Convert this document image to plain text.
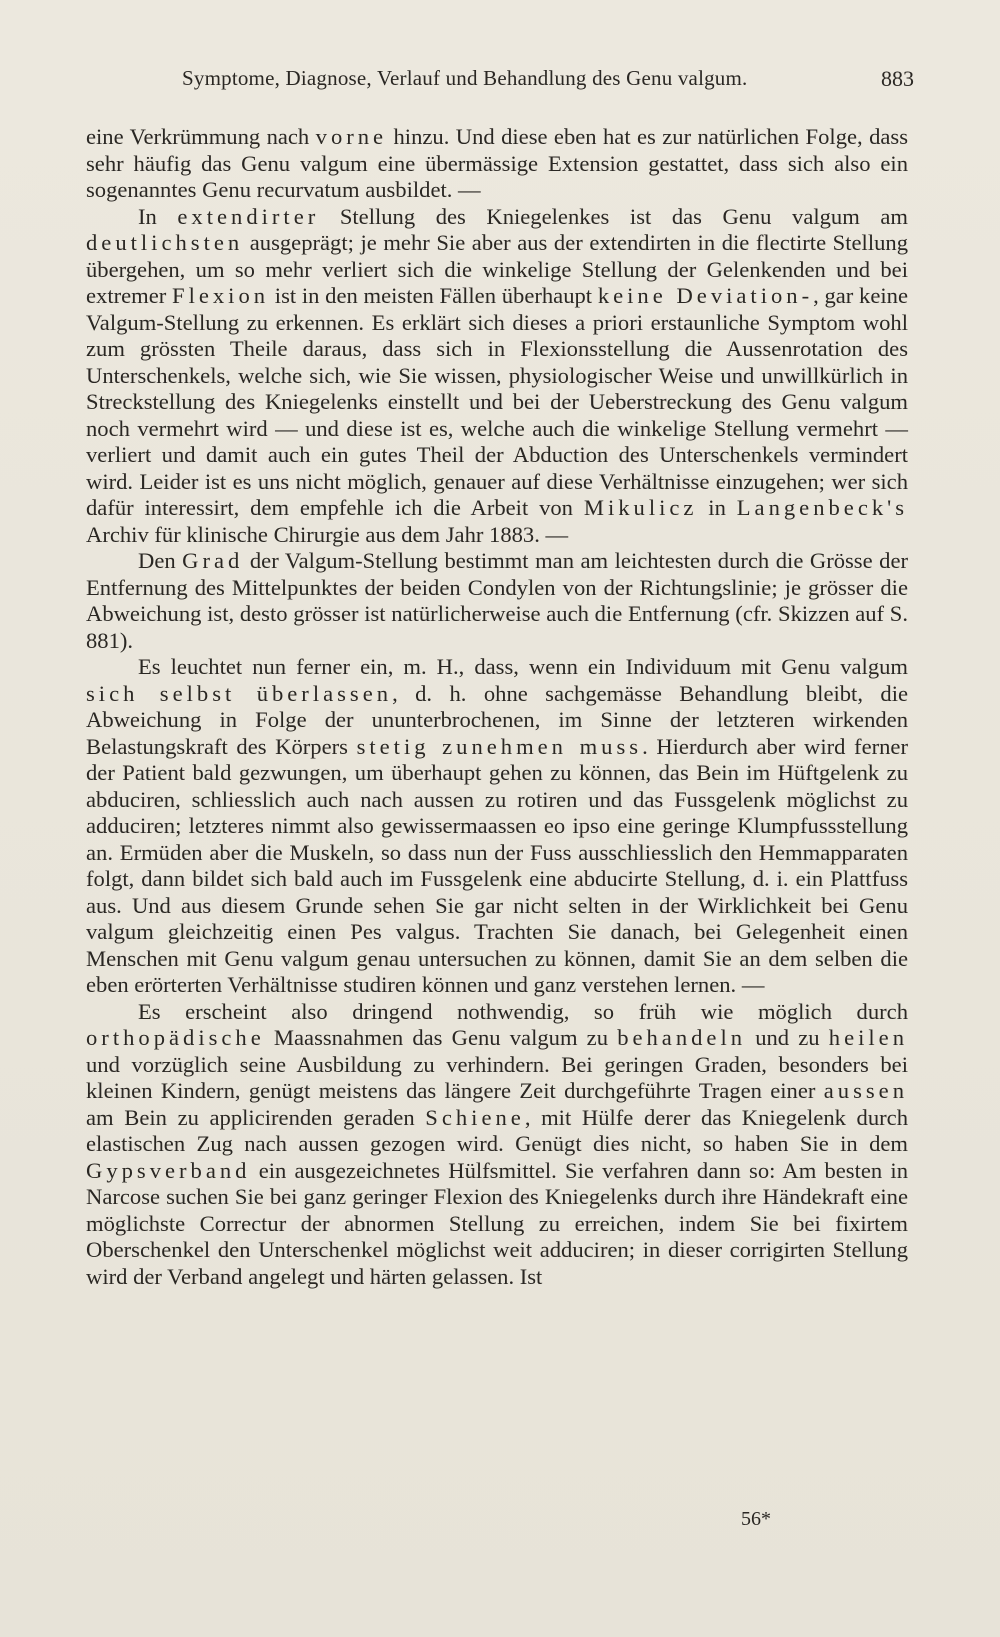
Symptome, Diagnose, Verlauf und Behandlung des Genu valgum.	883

eine Verkrümmung nach vorne hinzu. Und diese eben hat es zur natürlichen Folge, dass sehr häufig das Genu valgum eine übermässige Extension gestattet, dass sich also ein sogenanntes Genu recurvatum ausbildet. —

In extendirter Stellung des Kniegelenkes ist das Genu valgum am deutlichsten ausgeprägt; je mehr Sie aber aus der extendirten in die flectirte Stellung übergehen, um so mehr verliert sich die winkelige Stellung der Gelenkenden und bei extremer Flexion ist in den meisten Fällen überhaupt keine Deviation-, gar keine Valgum-Stellung zu erkennen. Es erklärt sich dieses a priori erstaunliche Symptom wohl zum grössten Theile daraus, dass sich in Flexionsstellung die Aussenrotation des Unterschenkels, welche sich, wie Sie wissen, physiologischer Weise und unwillkürlich in Streckstellung des Kniegelenks einstellt und bei der Ueberstreckung des Genu valgum noch vermehrt wird — und diese ist es, welche auch die winkelige Stellung vermehrt — verliert und damit auch ein gutes Theil der Abduction des Unterschenkels vermindert wird. Leider ist es uns nicht möglich, genauer auf diese Verhältnisse einzugehen; wer sich dafür interessirt, dem empfehle ich die Arbeit von Mikulicz in Langenbeck's Archiv für klinische Chirurgie aus dem Jahr 1883. —

Den Grad der Valgum-Stellung bestimmt man am leichtesten durch die Grösse der Entfernung des Mittelpunktes der beiden Condylen von der Richtungslinie; je grösser die Abweichung ist, desto grösser ist natürlicherweise auch die Entfernung (cfr. Skizzen auf S. 881).

Es leuchtet nun ferner ein, m. H., dass, wenn ein Individuum mit Genu valgum sich selbst überlassen, d. h. ohne sachgemässe Behandlung bleibt, die Abweichung in Folge der ununterbrochenen, im Sinne der letzteren wirkenden Belastungskraft des Körpers stetig zunehmen muss. Hierdurch aber wird ferner der Patient bald gezwungen, um überhaupt gehen zu können, das Bein im Hüftgelenk zu abduciren, schliesslich auch nach aussen zu rotiren und das Fussgelenk möglichst zu adduciren; letzteres nimmt also gewissermaassen eo ipso eine geringe Klumpfussstellung an. Ermüden aber die Muskeln, so dass nun der Fuss ausschliesslich den Hemmapparaten folgt, dann bildet sich bald auch im Fussgelenk eine abducirte Stellung, d. i. ein Plattfuss aus. Und aus diesem Grunde sehen Sie gar nicht selten in der Wirklichkeit bei Genu valgum gleichzeitig einen Pes valgus. Trachten Sie danach, bei Gelegenheit einen Menschen mit Genu valgum genau untersuchen zu können, damit Sie an dem selben die eben erörterten Verhältnisse studiren können und ganz verstehen lernen. —

Es erscheint also dringend nothwendig, so früh wie möglich durch orthopädische Maassnahmen das Genu valgum zu behandeln und zu heilen und vorzüglich seine Ausbildung zu verhindern. Bei geringen Graden, besonders bei kleinen Kindern, genügt meistens das längere Zeit durchgeführte Tragen einer aussen am Bein zu applicirenden geraden Schiene, mit Hülfe derer das Kniegelenk durch elastischen Zug nach aussen gezogen wird. Genügt dies nicht, so haben Sie in dem Gypsverband ein ausgezeichnetes Hülfsmittel. Sie verfahren dann so: Am besten in Narcose suchen Sie bei ganz geringer Flexion des Kniegelenks durch ihre Händekraft eine möglichste Correctur der abnormen Stellung zu erreichen, indem Sie bei fixirtem Oberschenkel den Unterschenkel möglichst weit adduciren; in dieser corrigirten Stellung wird der Verband angelegt und härten gelassen. Ist

56*
